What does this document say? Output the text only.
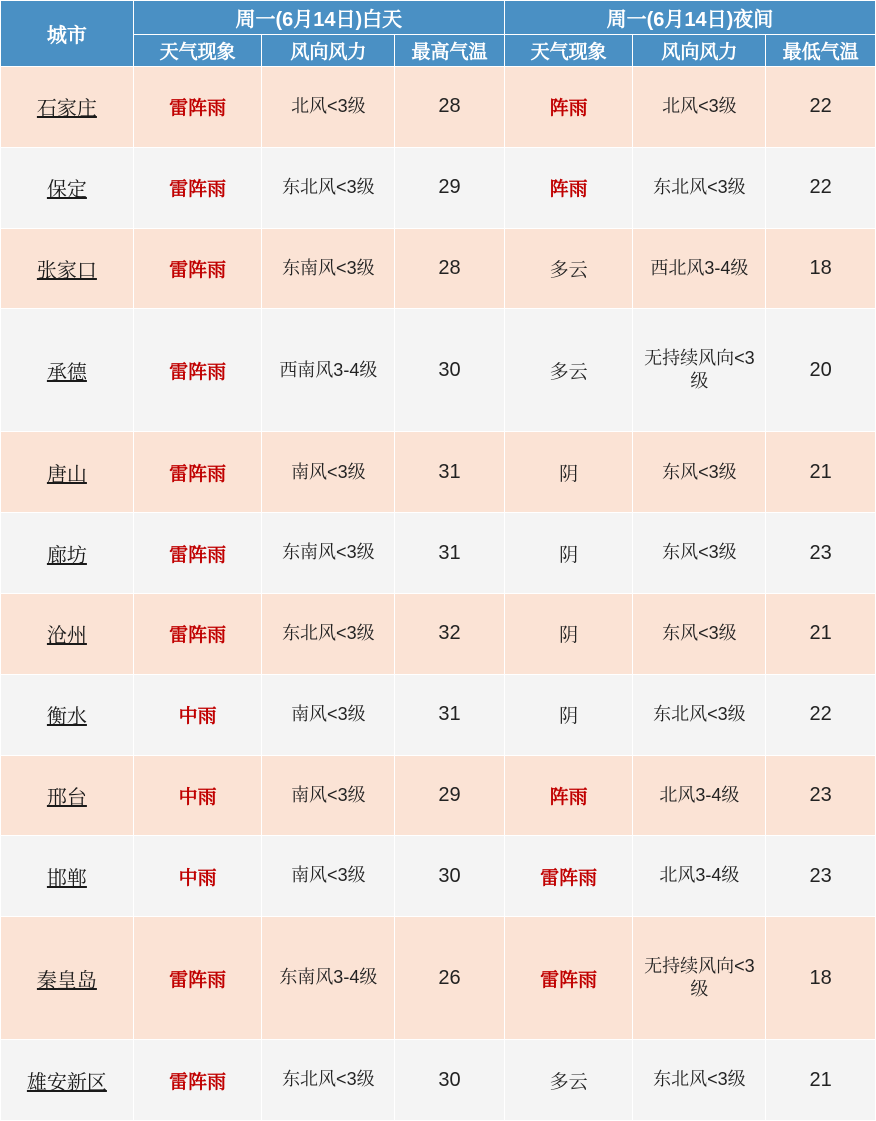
城市	周一(6月14日)白天			周一(6月14日)夜间		
	天气现象	风向风力	最高气温	天气现象	风向风力	最低气温
石家庄	雷阵雨	北风<3级	28	阵雨	北风<3级	22
保定	雷阵雨	东北风<3级	29	阵雨	东北风<3级	22
张家口	雷阵雨	东南风<3级	28	多云	西北风3-4级	18
承德	雷阵雨	西南风3-4级	30	多云	无持续风向<3级	20
唐山	雷阵雨	南风<3级	31	阴	东风<3级	21
廊坊	雷阵雨	东南风<3级	31	阴	东风<3级	23
沧州	雷阵雨	东北风<3级	32	阴	东风<3级	21
衡水	中雨	南风<3级	31	阴	东北风<3级	22
邢台	中雨	南风<3级	29	阵雨	北风3-4级	23
邯郸	中雨	南风<3级	30	雷阵雨	北风3-4级	23
秦皇岛	雷阵雨	东南风3-4级	26	雷阵雨	无持续风向<3级	18
雄安新区	雷阵雨	东北风<3级	30	多云	东北风<3级	21
